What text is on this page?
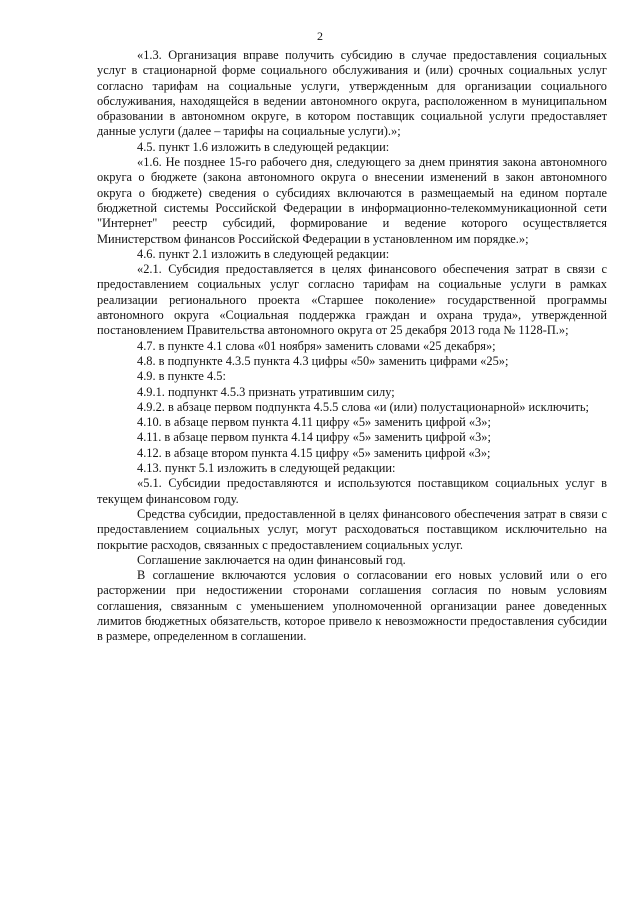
2

«1.3. Организация вправе получить субсидию в случае предоставления социальных услуг в стационарной форме социального обслуживания и (или) срочных социальных услуг согласно тарифам на социальные услуги, утвержденным для организации социального обслуживания, находящейся в ведении автономного округа, расположенном в муниципальном образовании в автономном округе, в котором поставщик социальной услуги предоставляет данные услуги (далее – тарифы на социальные услуги).»;

4.5. пункт 1.6 изложить в следующей редакции:

«1.6. Не позднее 15-го рабочего дня, следующего за днем принятия закона автономного округа о бюджете (закона автономного округа о внесении изменений в закон автономного округа о бюджете) сведения о субсидиях включаются в размещаемый на едином портале бюджетной системы Российской Федерации в информационно-телекоммуникационной сети "Интернет" реестр субсидий, формирование и ведение которого осуществляется Министерством финансов Российской Федерации в установленном им порядке.»;

4.6. пункт 2.1 изложить в следующей редакции:

«2.1. Субсидия предоставляется в целях финансового обеспечения затрат в связи с предоставлением социальных услуг согласно тарифам на социальные услуги в рамках реализации регионального проекта «Старшее поколение» государственной программы автономного округа «Социальная поддержка граждан и охрана труда», утвержденной постановлением Правительства автономного округа от 25 декабря 2013 года № 1128-П.»;

4.7. в пункте 4.1 слова «01 ноября» заменить словами «25 декабря»;

4.8. в подпункте 4.3.5 пункта 4.3 цифры «50» заменить цифрами «25»;

4.9. в пункте 4.5:

4.9.1. подпункт 4.5.3 признать утратившим силу;

4.9.2. в абзаце первом подпункта 4.5.5 слова «и (или) полустационарной» исключить;

4.10. в абзаце первом пункта 4.11 цифру «5» заменить цифрой «3»;

4.11. в абзаце первом пункта 4.14 цифру «5» заменить цифрой «3»;

4.12. в абзаце втором пункта 4.15 цифру «5» заменить цифрой «3»;

4.13. пункт 5.1 изложить в следующей редакции:

«5.1. Субсидии предоставляются и используются поставщиком социальных услуг в текущем финансовом году.

Средства субсидии, предоставленной в целях финансового обеспечения затрат в связи с предоставлением социальных услуг, могут расходоваться поставщиком исключительно на покрытие расходов, связанных с предоставлением социальных услуг.

Соглашение заключается на один финансовый год.

В соглашение включаются условия о согласовании его новых условий или о его расторжении при недостижении сторонами соглашения согласия по новым условиям соглашения, связанным с уменьшением уполномоченной организации ранее доведенных лимитов бюджетных обязательств, которое привело к невозможности предоставления субсидии в размере, определенном в соглашении.
